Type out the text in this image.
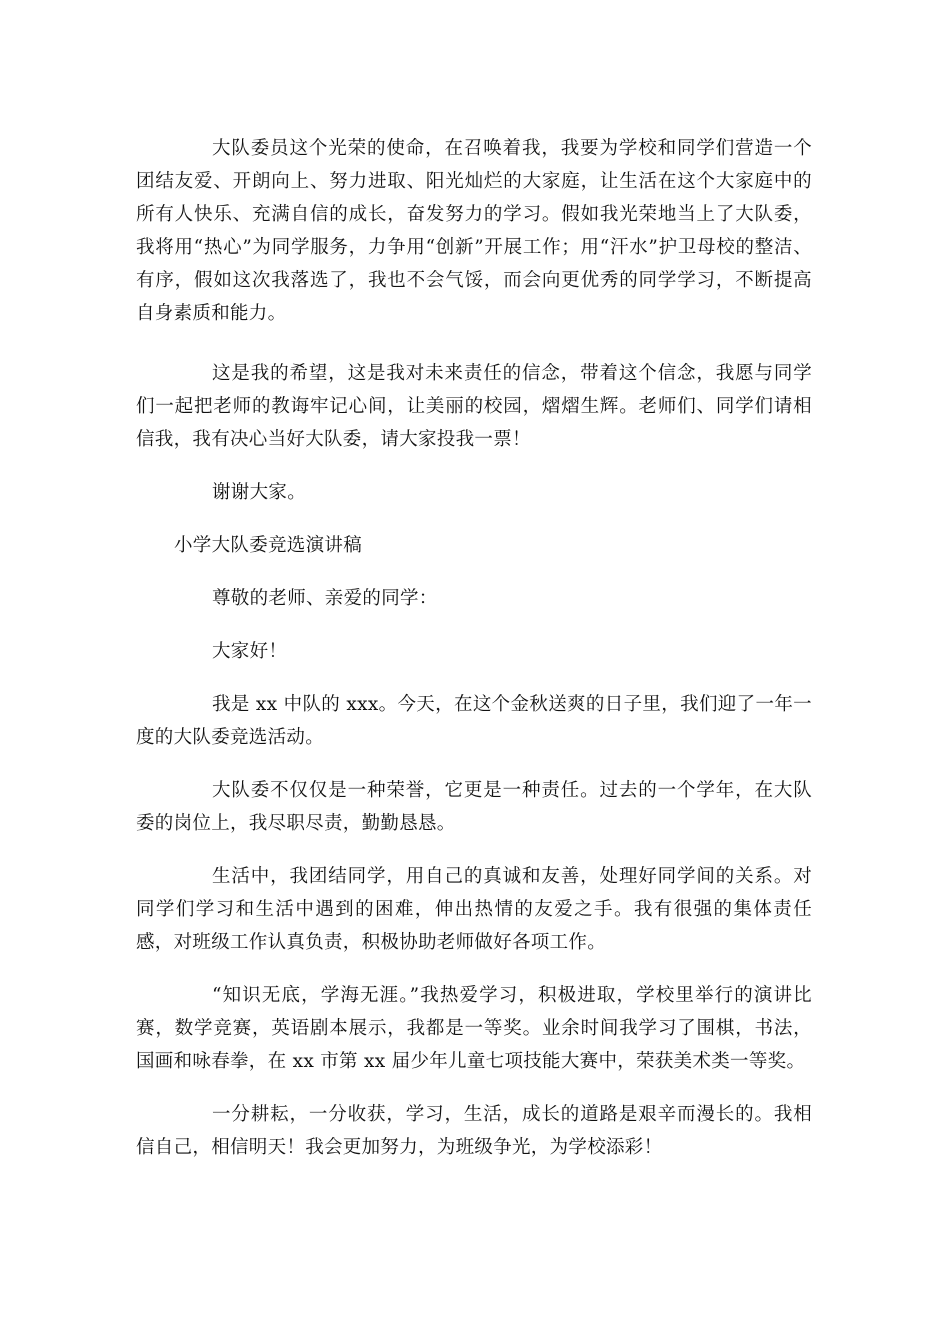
大队委员这个光荣的使命，在召唤着我，我要为学校和同学们营造一个团结友爱、开朗向上、努力进取、阳光灿烂的大家庭，让生活在这个大家庭中的所有人快乐、充满自信的成长，奋发努力的学习。假如我光荣地当上了大队委，我将用“热心”为同学服务，力争用“创新”开展工作；用“汗水”护卫母校的整洁、有序，假如这次我落选了，我也不会气馁，而会向更优秀的同学学习，不断提高自身素质和能力。

这是我的希望，这是我对未来责任的信念，带着这个信念，我愿与同学们一起把老师的教诲牢记心间，让美丽的校园，熠熠生辉。老师们、同学们请相信我，我有决心当好大队委，请大家投我一票！

谢谢大家。

小学大队委竞选演讲稿

尊敬的老师、亲爱的同学：

大家好！

我是 xx 中队的 xxx。今天，在这个金秋送爽的日子里，我们迎了一年一度的大队委竞选活动。

大队委不仅仅是一种荣誉，它更是一种责任。过去的一个学年，在大队委的岗位上，我尽职尽责，勤勤恳恳。

生活中，我团结同学，用自己的真诚和友善，处理好同学间的关系。对同学们学习和生活中遇到的困难，伸出热情的友爱之手。我有很强的集体责任感，对班级工作认真负责，积极协助老师做好各项工作。

“知识无底，学海无涯。”我热爱学习，积极进取，学校里举行的演讲比赛，数学竞赛，英语剧本展示，我都是一等奖。业余时间我学习了围棋，书法，国画和咏春拳，在 xx 市第 xx 届少年儿童七项技能大赛中，荣获美术类一等奖。

一分耕耘，一分收获，学习，生活，成长的道路是艰辛而漫长的。我相信自己，相信明天！我会更加努力，为班级争光，为学校添彩！
